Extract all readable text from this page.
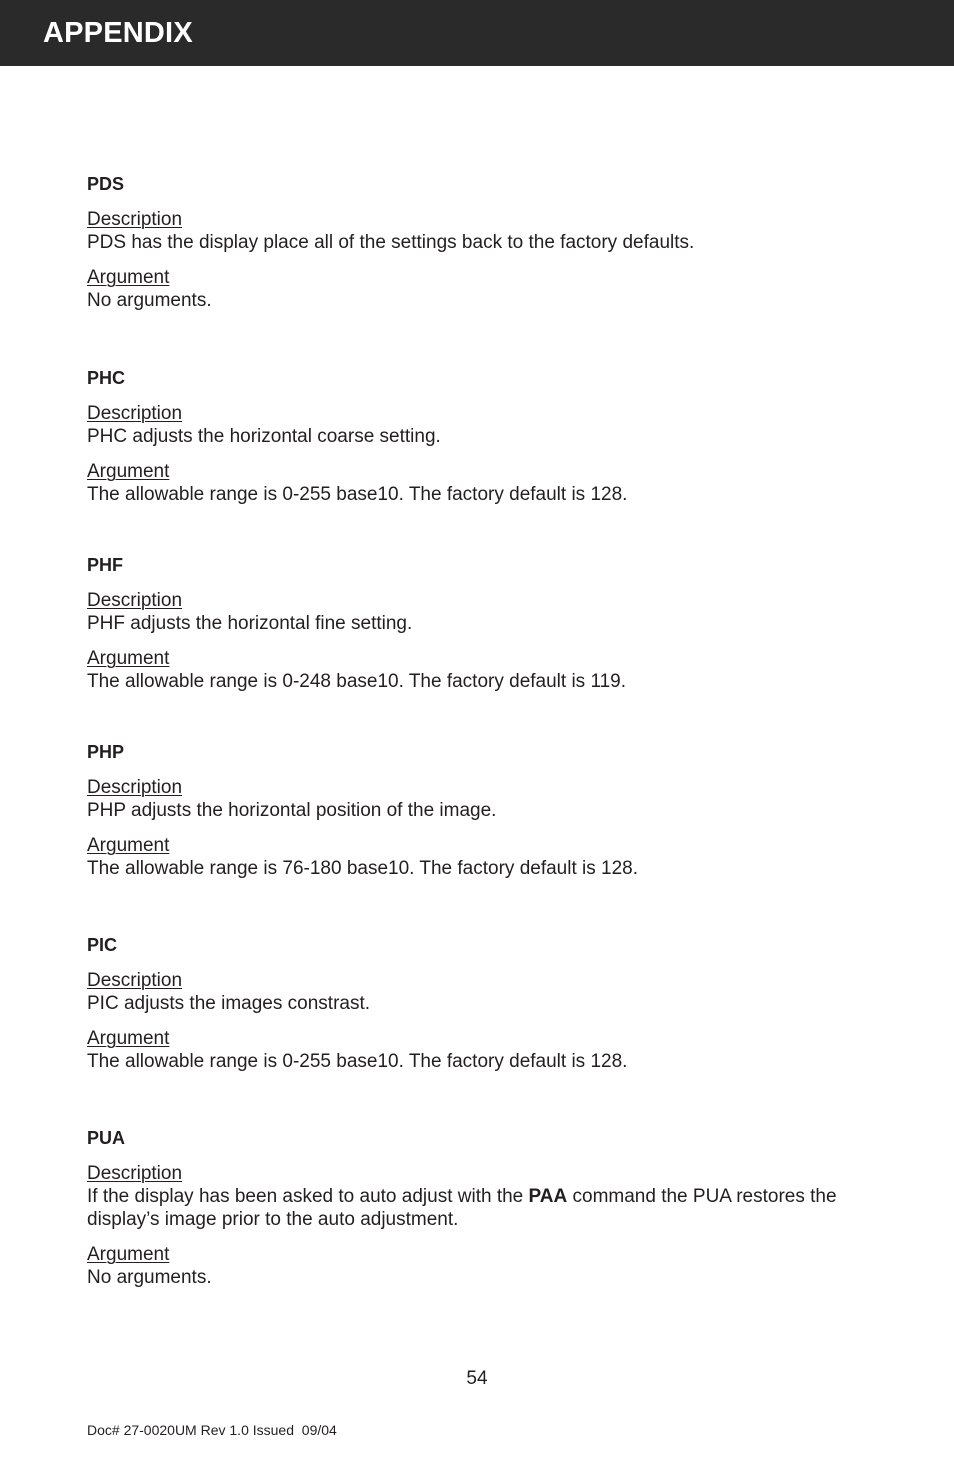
APPENDIX
PDS
Description
PDS has the display place all of the settings back to the factory defaults.
Argument
No arguments.
PHC
Description
PHC adjusts the horizontal coarse setting.
Argument
The allowable range is 0-255 base10. The factory default is 128.
PHF
Description
PHF adjusts the horizontal fine setting.
Argument
The allowable range is 0-248 base10. The factory default is 119.
PHP
Description
PHP adjusts the horizontal position of the image.
Argument
The allowable range is 76-180 base10. The factory default is 128.
PIC
Description
PIC adjusts the images constrast.
Argument
The allowable range is 0-255 base10. The factory default is 128.
PUA
Description
If the display has been asked to auto adjust with the PAA command the PUA restores the display’s image prior to the auto adjustment.
Argument
No arguments.
54
Doc# 27-0020UM Rev 1.0 Issued  09/04
